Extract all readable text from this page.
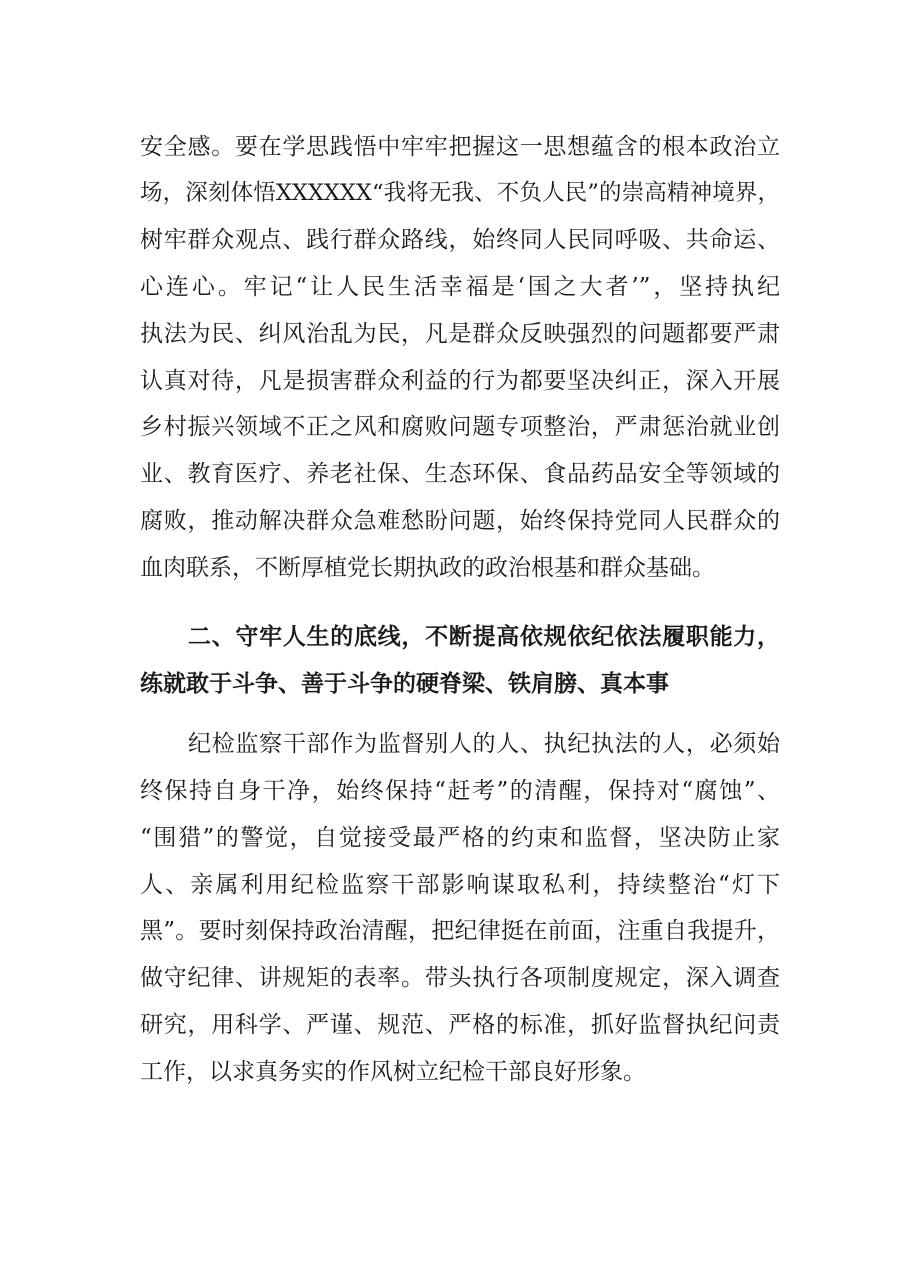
安全感。要在学思践悟中牢牢把握这一思想蕴含的根本政治立
场，深刻体悟XXXXXX“我将无我、不负人民”的崇高精神境界，
树牢群众观点、践行群众路线，始终同人民同呼吸、共命运、
心连心。牢记“让人民生活幸福是‘国之大者’”，坚持执纪
执法为民、纠风治乱为民，凡是群众反映强烈的问题都要严肃
认真对待，凡是损害群众利益的行为都要坚决纠正，深入开展
乡村振兴领域不正之风和腐败问题专项整治，严肃惩治就业创
业、教育医疗、养老社保、生态环保、食品药品安全等领域的
腐败，推动解决群众急难愁盼问题，始终保持党同人民群众的
血肉联系，不断厚植党长期执政的政治根基和群众基础。
二、守牢人生的底线，不断提高依规依纪依法履职能力，
练就敢于斗争、善于斗争的硬脊梁、铁肩膀、真本事
纪检监察干部作为监督别人的人、执纪执法的人，必须始
终保持自身干净，始终保持“赶考”的清醒，保持对“腐蚀”、
“围猎”的警觉，自觉接受最严格的约束和监督，坚决防止家
人、亲属利用纪检监察干部影响谋取私利，持续整治“灯下
黑”。要时刻保持政治清醒，把纪律挺在前面，注重自我提升，
做守纪律、讲规矩的表率。带头执行各项制度规定，深入调查
研究，用科学、严谨、规范、严格的标准，抓好监督执纪问责
工作，以求真务实的作风树立纪检干部良好形象。
